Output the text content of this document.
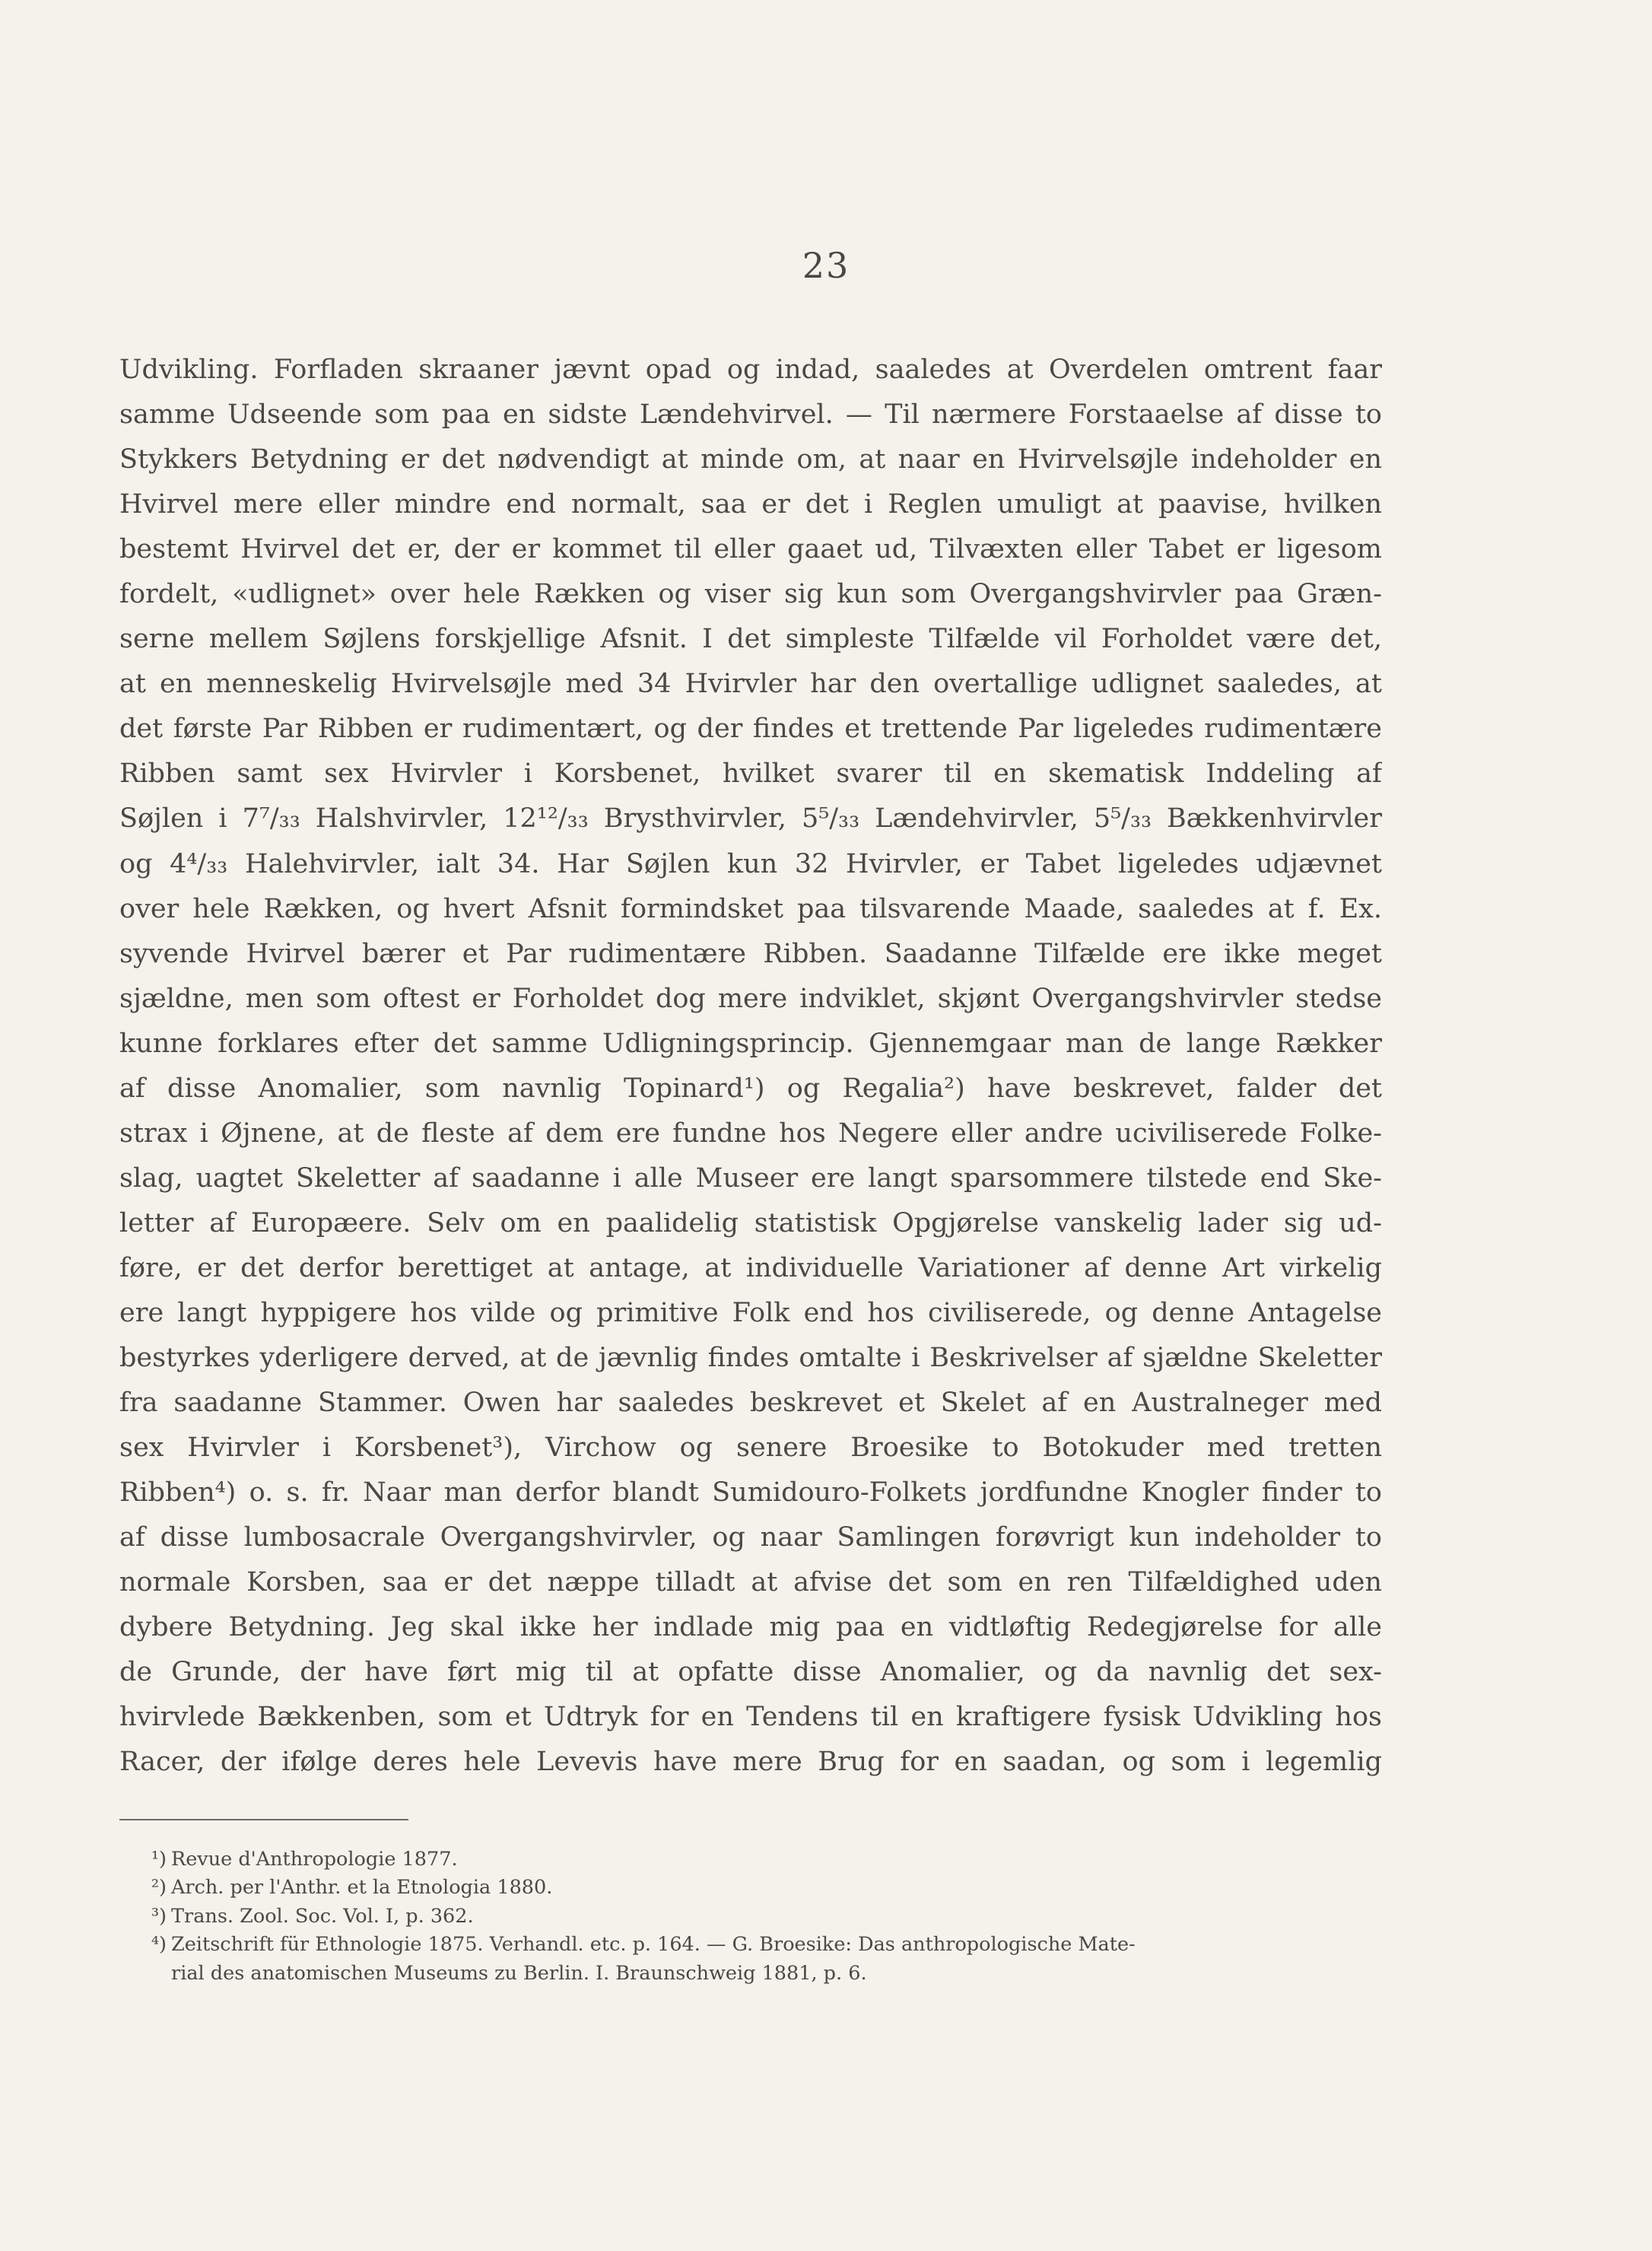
23
Udvikling. Forfladen skraaner jævnt opad og indad, saaledes at Overdelen omtrent faar
samme Udseende som paa en sidste Lændehvirvel. — Til nærmere Forstaaelse af disse to
Stykkers Betydning er det nødvendigt at minde om, at naar en Hvirvelsøjle indeholder en
Hvirvel mere eller mindre end normalt, saa er det i Reglen umuligt at paavise, hvilken
bestemt Hvirvel det er, der er kommet til eller gaaet ud, Tilvæxten eller Tabet er ligesom
fordelt, «udlignet» over hele Rækken og viser sig kun som Overgangshvirvler paa Græn-
serne mellem Søjlens forskjellige Afsnit. I det simpleste Tilfælde vil Forholdet være det,
at en menneskelig Hvirvelsøjle med 34 Hvirvler har den overtallige udlignet saaledes, at
det første Par Ribben er rudimentært, og der findes et trettende Par ligeledes rudimentære
Ribben samt sex Hvirvler i Korsbenet, hvilket svarer til en skematisk Inddeling af
Søjlen i 7⁷/₃₃ Halshvirvler, 12¹²/₃₃ Brysthvirvler, 5⁵/₃₃ Lændehvirvler, 5⁵/₃₃ Bækkenhvirvler
og 4⁴/₃₃ Halehvirvler, ialt 34. Har Søjlen kun 32 Hvirvler, er Tabet ligeledes udjævnet
over hele Rækken, og hvert Afsnit formindsket paa tilsvarende Maade, saaledes at f. Ex.
syvende Hvirvel bærer et Par rudimentære Ribben. Saadanne Tilfælde ere ikke meget
sjældne, men som oftest er Forholdet dog mere indviklet, skjønt Overgangshvirvler stedse
kunne forklares efter det samme Udligningsprincip. Gjennemgaar man de lange Rækker
af disse Anomalier, som navnlig Topinard¹) og Regalia²) have beskrevet, falder det
strax i Øjnene, at de fleste af dem ere fundne hos Negere eller andre uciviliserede Folke-
slag, uagtet Skeletter af saadanne i alle Museer ere langt sparsommere tilstede end Ske-
letter af Europæere. Selv om en paalidelig statistisk Opgjørelse vanskelig lader sig ud-
føre, er det derfor berettiget at antage, at individuelle Variationer af denne Art virkelig
ere langt hyppigere hos vilde og primitive Folk end hos civiliserede, og denne Antagelse
bestyrkes yderligere derved, at de jævnlig findes omtalte i Beskrivelser af sjældne Skeletter
fra saadanne Stammer. Owen har saaledes beskrevet et Skelet af en Australneger med
sex Hvirvler i Korsbenet³), Virchow og senere Broesike to Botokuder med tretten
Ribben⁴) o. s. fr. Naar man derfor blandt Sumidouro-Folkets jordfundne Knogler finder to
af disse lumbosacrale Overgangshvirvler, og naar Samlingen forøvrigt kun indeholder to
normale Korsben, saa er det næppe tilladt at afvise det som en ren Tilfældighed uden
dybere Betydning. Jeg skal ikke her indlade mig paa en vidtløftig Redegjørelse for alle
de Grunde, der have ført mig til at opfatte disse Anomalier, og da navnlig det sex-
hvirvlede Bækkenben, som et Udtryk for en Tendens til en kraftigere fysisk Udvikling hos
Racer, der ifølge deres hele Levevis have mere Brug for en saadan, og som i legemlig
¹) Revue d'Anthropologie 1877.
²) Arch. per l'Anthr. et la Etnologia 1880.
³) Trans. Zool. Soc. Vol. I, p. 362.
⁴) Zeitschrift für Ethnologie 1875. Verhandl. etc. p. 164. — G. Broesike: Das anthropologische Mate-
rial des anatomischen Museums zu Berlin. I. Braunschweig 1881, p. 6.
